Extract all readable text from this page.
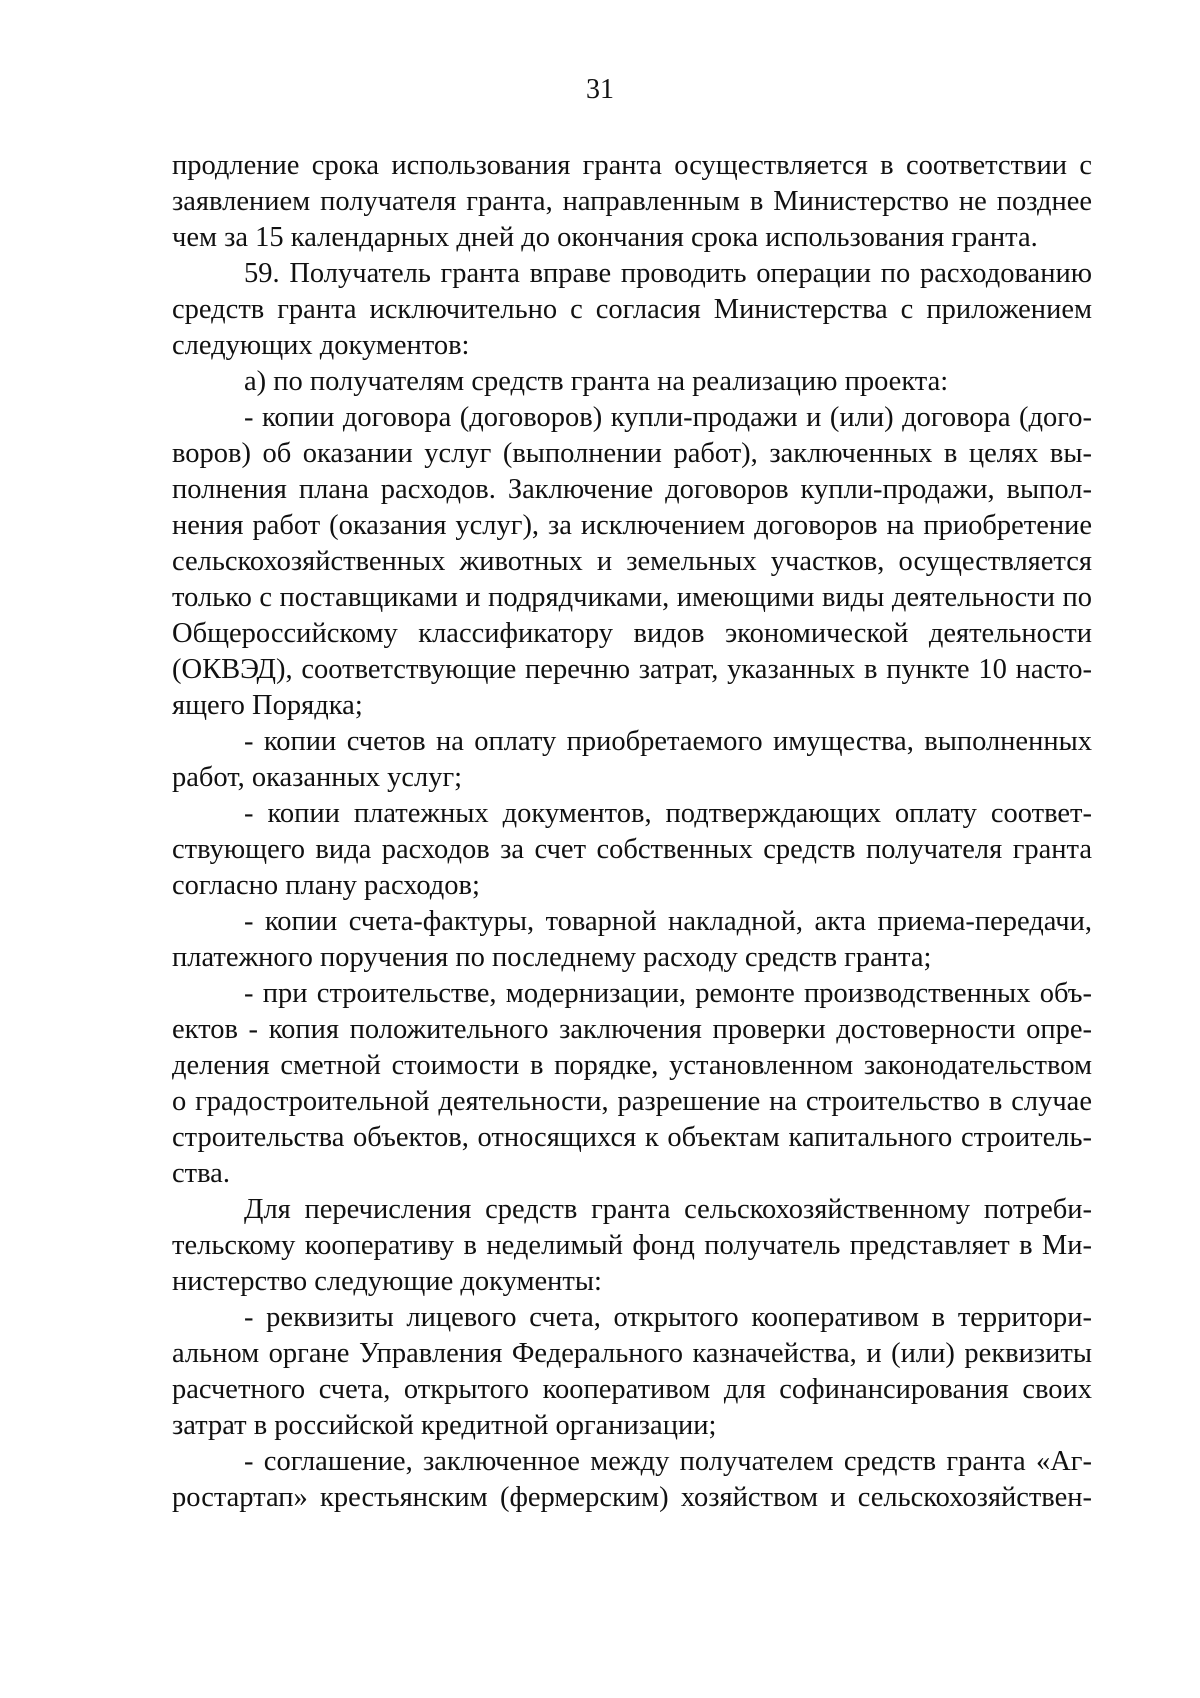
31
продление срока использования гранта осуществляется в соответствии с
заявлением получателя гранта, направленным в Министерство не позднее
чем за 15 календарных дней до окончания срока использования гранта.
59. Получатель гранта вправе проводить операции по расходованию
средств гранта исключительно с согласия Министерства с приложением
следующих документов:
а) по получателям средств гранта на реализацию проекта:
- копии договора (договоров) купли-продажи и (или) договора (дого-
воров) об оказании услуг (выполнении работ), заключенных в целях вы-
полнения плана расходов. Заключение договоров купли-продажи, выпол-
нения работ (оказания услуг), за исключением договоров на приобретение
сельскохозяйственных животных и земельных участков, осуществляется
только с поставщиками и подрядчиками, имеющими виды деятельности по
Общероссийскому классификатору видов экономической деятельности
(ОКВЭД), соответствующие перечню затрат, указанных в пункте 10 насто-
ящего Порядка;
- копии счетов на оплату приобретаемого имущества, выполненных
работ, оказанных услуг;
- копии платежных документов, подтверждающих оплату соответ-
ствующего вида расходов за счет собственных средств получателя гранта
согласно плану расходов;
- копии счета-фактуры, товарной накладной, акта приема-передачи,
платежного поручения по последнему расходу средств гранта;
- при строительстве, модернизации, ремонте производственных объ-
ектов - копия положительного заключения проверки достоверности опре-
деления сметной стоимости в порядке, установленном законодательством
о градостроительной деятельности, разрешение на строительство в случае
строительства объектов, относящихся к объектам капитального строитель-
ства.
Для перечисления средств гранта сельскохозяйственному потреби-
тельскому кооперативу в неделимый фонд получатель представляет в Ми-
нистерство следующие документы:
- реквизиты лицевого счета, открытого кооперативом в территори-
альном органе Управления Федерального казначейства, и (или) реквизиты
расчетного счета, открытого кооперативом для софинансирования своих
затрат в российской кредитной организации;
- соглашение, заключенное между получателем средств гранта «Аг-
ростартап» крестьянским (фермерским) хозяйством и сельскохозяйствен-
